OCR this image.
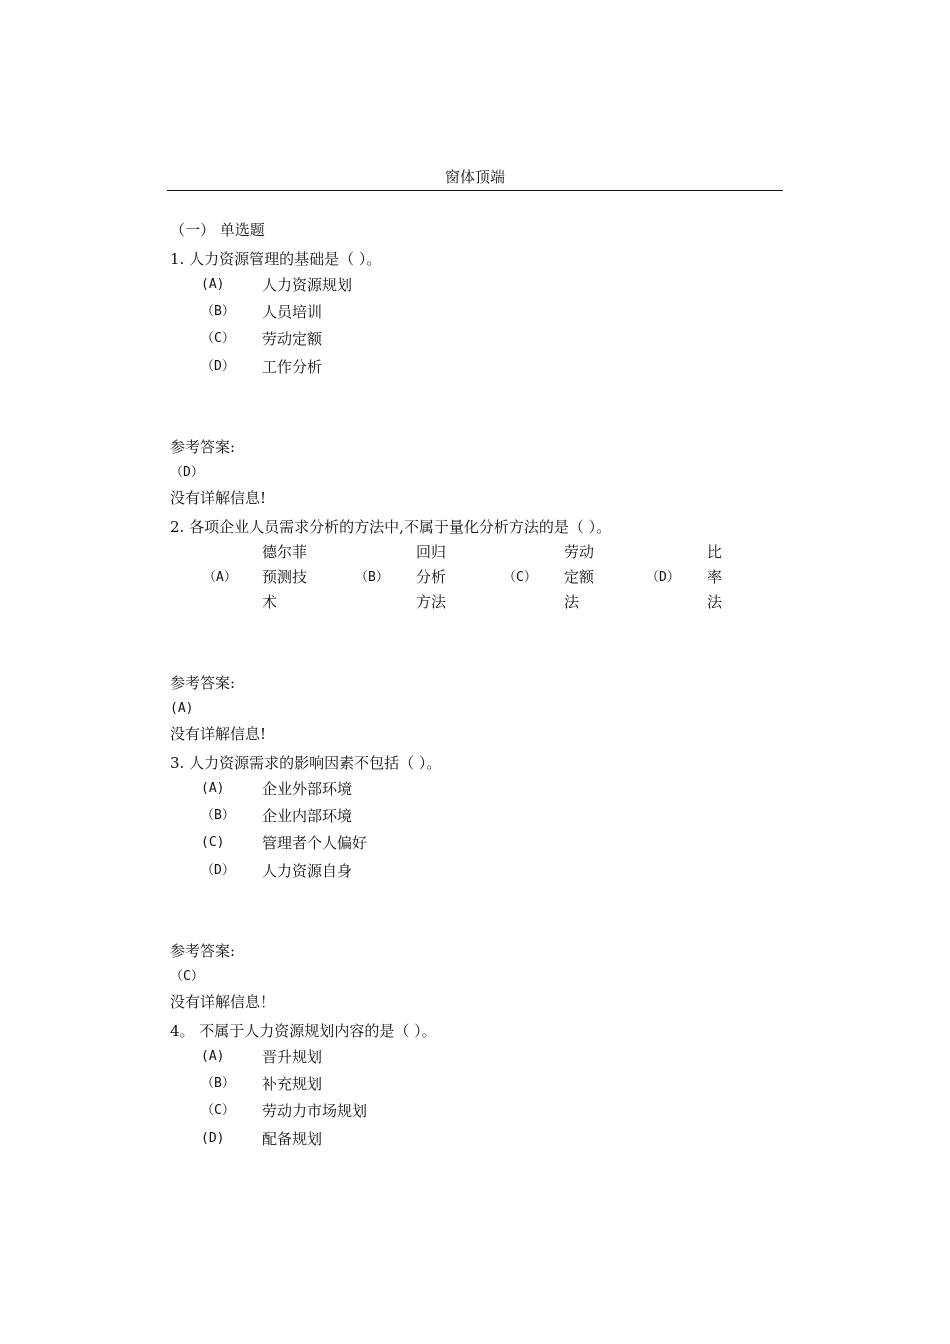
窗体顶端
（一） 单选题
1. 人力资源管理的基础是（ ）。
(A)	人力资源规划
（B） 人员培训
（C） 劳动定额
（D） 工作分析
参考答案:
（D）
没有详解信息!
2. 各项企业人员需求分析的方法中,不属于量化分析方法的是（ ）。
（A）
德尔菲预测技术
（B）
回归分析方法
（C）
劳动定额法
（D）
比率法
参考答案:
(A)
没有详解信息!
3. 人力资源需求的影响因素不包括（ ）。
(A)	企业外部环境
（B） 企业内部环境
(C)	管理者个人偏好
（D） 人力资源自身
参考答案:
（C）
没有详解信息！
4。 不属于人力资源规划内容的是（ ）。
(A)	晋升规划
（B） 补充规划
（C） 劳动力市场规划
(D)	配备规划
